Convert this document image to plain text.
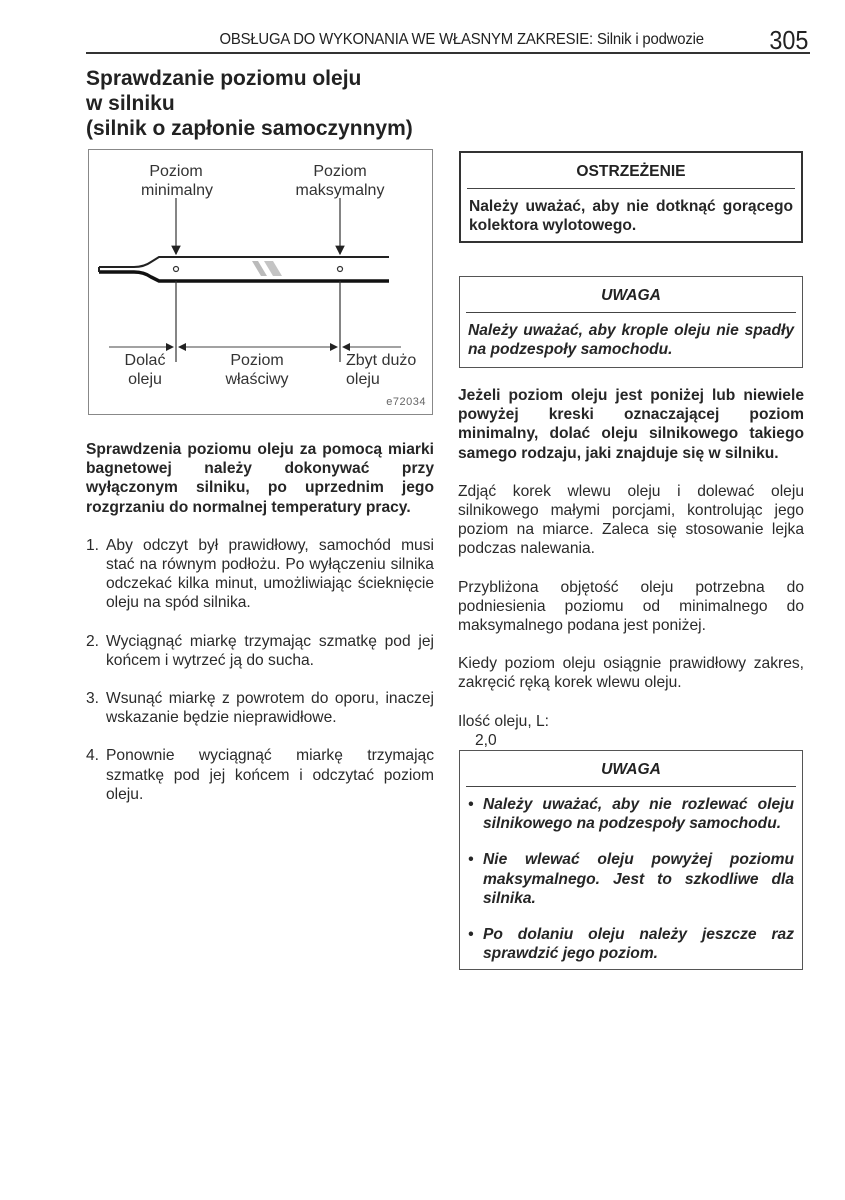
OBSŁUGA DO WYKONANIA WE WŁASNYM ZAKRESIE: Silnik i podwozie 305
Sprawdzanie poziomu oleju
w silniku
(silnik o zapłonie samoczynnym)
Poziom
minimalny
Poziom
maksymalny
Dolać
oleju
Poziom
właściwy
Zbyt dużo
oleju
e72034

Sprawdzenia poziomu oleju za pomocą miarki bagnetowej należy dokonywać przy wyłączonym silniku, po uprzednim jego rozgrzaniu do normalnej temperatury pracy.

1. Aby odczyt był prawidłowy, samochód musi stać na równym podłożu. Po wyłączeniu silnika odczekać kilka minut, umożliwiając ścieknięcie oleju na spód silnika.
2. Wyciągnąć miarkę trzymając szmatkę pod jej końcem i wytrzeć ją do sucha.
3. Wsunąć miarkę z powrotem do oporu, inaczej wskazanie będzie nieprawidłowe.
4. Ponownie wyciągnąć miarkę trzymając szmatkę pod jej końcem i odczytać poziom oleju.
OSTRZEŻENIE
Należy uważać, aby nie dotknąć gorącego kolektora wylotowego.
UWAGA
Należy uważać, aby krople oleju nie spadły na podzespoły samochodu.

Jeżeli poziom oleju jest poniżej lub niewiele powyżej kreski oznaczającej poziom minimalny, dolać oleju silnikowego takiego samego rodzaju, jaki znajduje się w silniku.

Zdjąć korek wlewu oleju i dolewać oleju silnikowego małymi porcjami, kontrolując jego poziom na miarce. Zaleca się stosowanie lejka podczas nalewania.

Przybliżona objętość oleju potrzebna do podniesienia poziomu od minimalnego do maksymalnego podana jest poniżej.

Kiedy poziom oleju osiągnie prawidłowy zakres, zakręcić ręką korek wlewu oleju.

Ilość oleju, L:

2,0

UWAGA
• Należy uważać, aby nie rozlewać oleju silnikowego na podzespoły samochodu.
• Nie wlewać oleju powyżej poziomu maksymalnego. Jest to szkodliwe dla silnika.
• Po dolaniu oleju należy jeszcze raz sprawdzić jego poziom.
